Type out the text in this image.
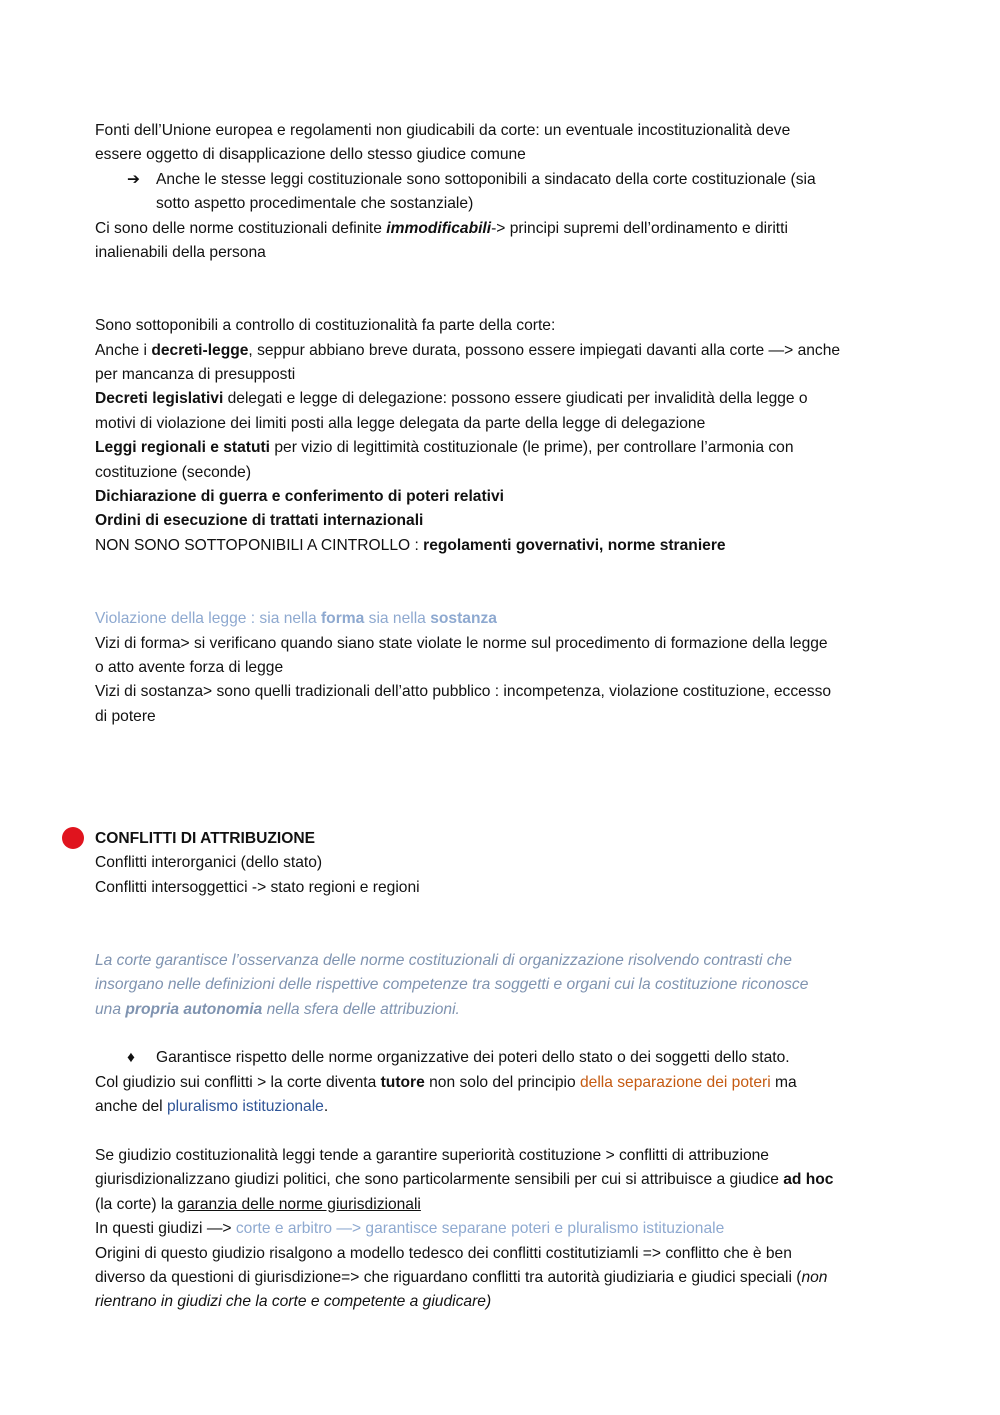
Fonti dell’Unione europea e regolamenti non giudicabili da corte: un eventuale incostituzionalità deve
essere oggetto di disapplicazione dello stesso giudice comune
➔ Anche le stesse leggi costituzionale sono sottoponibili a sindacato della corte costituzionale (sia
sotto aspetto procedimentale che sostanziale)
Ci sono delle norme costituzionali definite immodificabili-> principi supremi dell’ordinamento e diritti
inalienabili della persona
Sono sottoponibili a controllo di costituzionalità fa parte della corte:
Anche i decreti-legge, seppur abbiano breve durata, possono essere impiegati davanti alla corte —> anche
per mancanza di presupposti
Decreti legislativi delegati e legge di delegazione: possono essere giudicati per invalidità della legge o
motivi di violazione dei limiti posti alla legge delegata da parte della legge di delegazione
Leggi regionali e statuti per vizio di legittimità costituzionale (le prime), per controllare l’armonia con
costituzione (seconde)
Dichiarazione di guerra e conferimento di poteri relativi
Ordini di esecuzione di trattati internazionali
NON SONO SOTTOPONIBILI A CINTROLLO : regolamenti governativi, norme straniere
Violazione della legge : sia nella forma sia nella sostanza
Vizi di forma> si verificano quando siano state violate le norme sul procedimento di formazione della legge
o atto avente forza di legge
Vizi di sostanza> sono quelli tradizionali dell’atto pubblico : incompetenza, violazione costituzione, eccesso
di potere
CONFLITTI DI ATTRIBUZIONE
Conflitti interorganici (dello stato)
Conflitti intersoggettici -> stato regioni e regioni
La corte garantisce l’osservanza delle norme costituzionali di organizzazione risolvendo contrasti che
insorgano nelle definizioni delle rispettive competenze tra soggetti e organi cui la costituzione riconosce
una propria autonomia nella sfera delle attribuzioni.
♦ Garantisce rispetto delle norme organizzative dei poteri dello stato o dei soggetti dello stato.
Col giudizio sui conflitti > la corte diventa tutore non solo del principio della separazione dei poteri ma
anche del pluralismo istituzionale.
Se giudizio costituzionalità leggi tende a garantire superiorità costituzione > conflitti di attribuzione
giurisdizionalizzano giudizi politici, che sono particolarmente sensibili per cui si attribuisce a giudice ad hoc
(la corte) la garanzia delle norme giurisdizionali
In questi giudizi —> corte e arbitro —> garantisce separane poteri e pluralismo istituzionale
Origini di questo giudizio risalgono a modello tedesco dei conflitti costitutiziamli => conflitto che è ben
diverso da questioni di giurisdizione=> che riguardano conflitti tra autorità giudiziaria e giudici speciali (non
rientrano in giudizi che la corte e competente a giudicare)
